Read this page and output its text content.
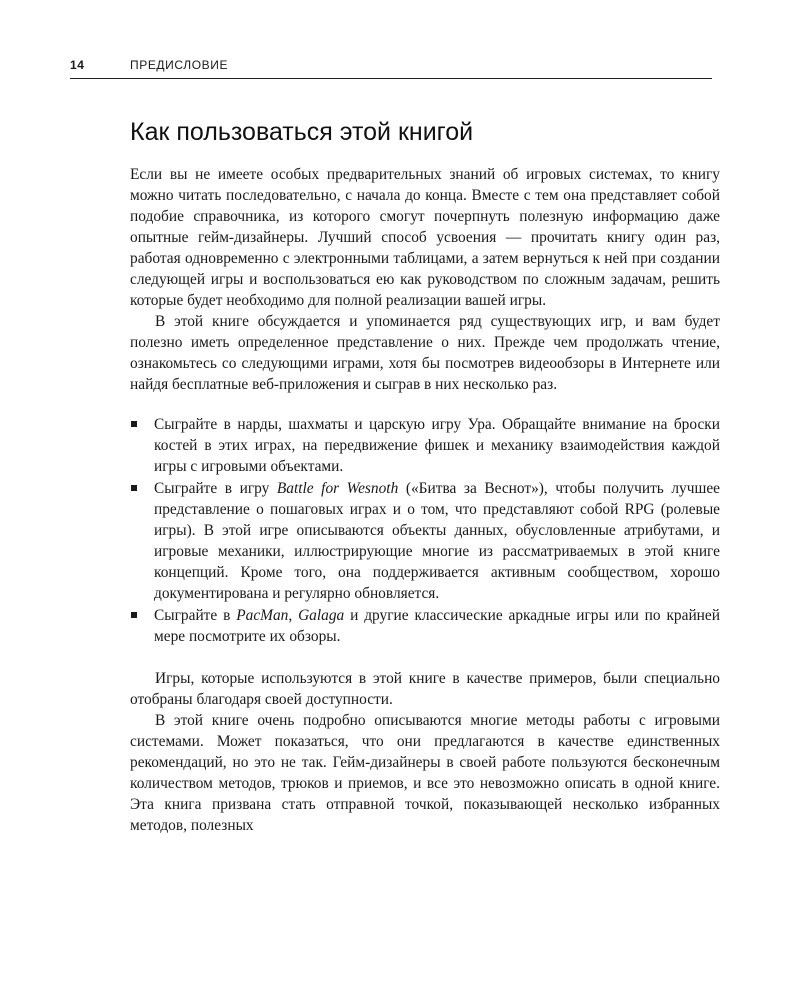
14	ПРЕДИСЛОВИЕ
Как пользоваться этой книгой

Если вы не имеете особых предварительных знаний об игровых системах, то книгу можно читать последовательно, с начала до конца. Вместе с тем она представляет собой подобие справочника, из которого смогут почерпнуть полезную информацию даже опытные гейм-дизайнеры. Лучший способ усвоения — прочитать книгу один раз, работая одновременно с электронными таблицами, а затем вернуться к ней при создании следующей игры и воспользоваться ею как руководством по сложным задачам, решить которые будет необходимо для полной реализации вашей игры.

В этой книге обсуждается и упоминается ряд существующих игр, и вам будет полезно иметь определенное представление о них. Прежде чем продолжать чтение, ознакомьтесь со следующими играми, хотя бы посмотрев видеообзоры в Интернете или найдя бесплатные веб-приложения и сыграв в них несколько раз.

Сыграйте в нарды, шахматы и царскую игру Ура. Обращайте внимание на броски костей в этих играх, на передвижение фишек и механику взаимодействия каждой игры с игровыми объектами.
Сыграйте в игру Battle for Wesnoth («Битва за Веснот»), чтобы получить лучшее представление о пошаговых играх и о том, что представляют собой RPG (ролевые игры). В этой игре описываются объекты данных, обусловленные атрибутами, и игровые механики, иллюстрирующие многие из рассматриваемых в этой книге концепций. Кроме того, она поддерживается активным сообществом, хорошо документирована и регулярно обновляется.
Сыграйте в PacMan, Galaga и другие классические аркадные игры или по крайней мере посмотрите их обзоры.

Игры, которые используются в этой книге в качестве примеров, были специально отобраны благодаря своей доступности.

В этой книге очень подробно описываются многие методы работы с игровыми системами. Может показаться, что они предлагаются в качестве единственных рекомендаций, но это не так. Гейм-дизайнеры в своей работе пользуются бесконечным количеством методов, трюков и приемов, и все это невозможно описать в одной книге. Эта книга призвана стать отправной точкой, показывающей несколько избранных методов, полезных
